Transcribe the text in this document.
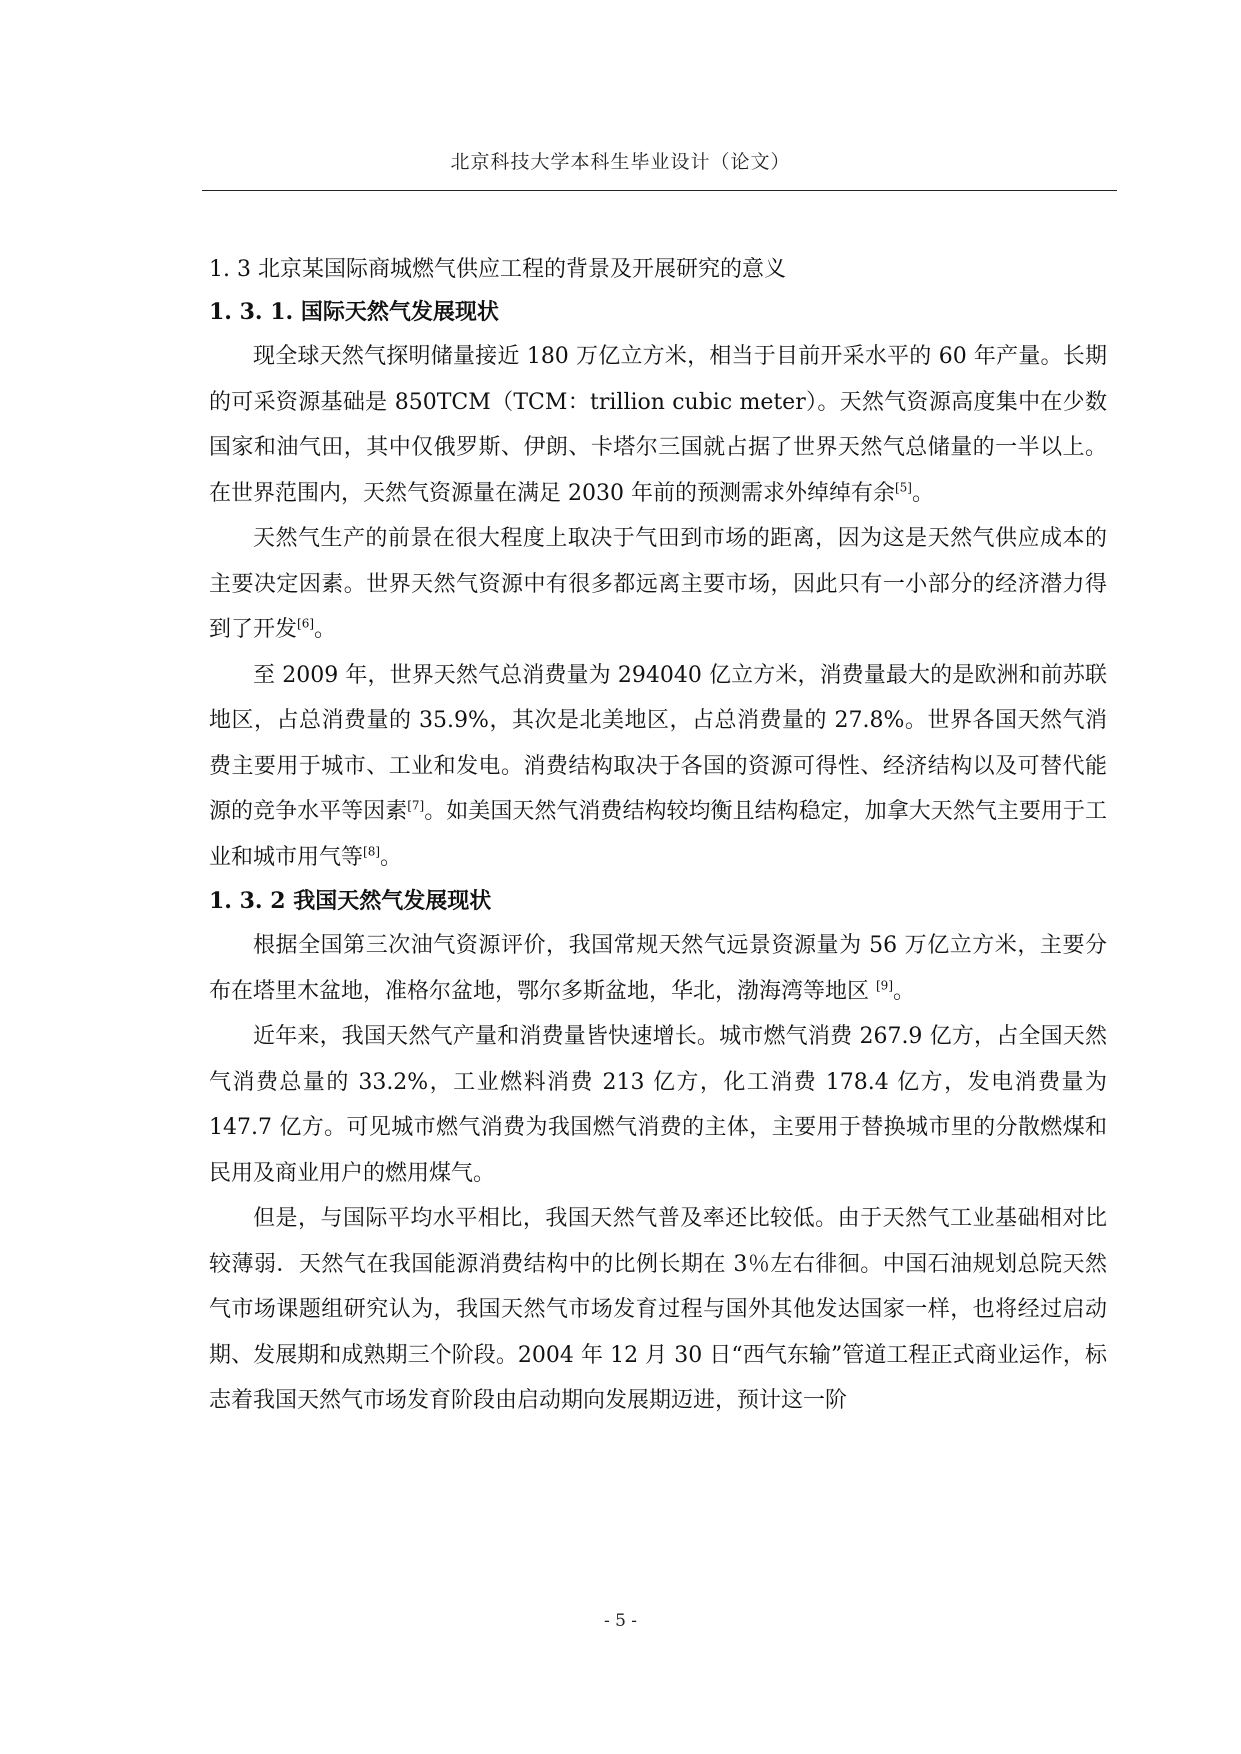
北京科技大学本科生毕业设计（论文）
1. 3 北京某国际商城燃气供应工程的背景及开展研究的意义
1. 3. 1. 国际天然气发展现状

现全球天然气探明储量接近 180 万亿立方米，相当于目前开采水平的 60 年产量。长期的可采资源基础是 850TCM（TCM：trillion cubic meter）。天然气资源高度集中在少数国家和油气田，其中仅俄罗斯、伊朗、卡塔尔三国就占据了世界天然气总储量的一半以上。在世界范围内，天然气资源量在满足 2030 年前的预测需求外绰绰有余[5]。

天然气生产的前景在很大程度上取决于气田到市场的距离，因为这是天然气供应成本的主要决定因素。世界天然气资源中有很多都远离主要市场，因此只有一小部分的经济潜力得到了开发[6]。

至 2009 年，世界天然气总消费量为 294040 亿立方米，消费量最大的是欧洲和前苏联地区，占总消费量的 35.9%，其次是北美地区，占总消费量的 27.8%。世界各国天然气消费主要用于城市、工业和发电。消费结构取决于各国的资源可得性、经济结构以及可替代能源的竞争水平等因素[7]。如美国天然气消费结构较均衡且结构稳定，加拿大天然气主要用于工业和城市用气等[8]。

1. 3. 2 我国天然气发展现状

根据全国第三次油气资源评价，我国常规天然气远景资源量为 56 万亿立方米，主要分布在塔里木盆地，准格尔盆地，鄂尔多斯盆地，华北，渤海湾等地区 [9]。

近年来，我国天然气产量和消费量皆快速增长。城市燃气消费 267.9 亿方，占全国天然气消费总量的 33.2%，工业燃料消费 213 亿方，化工消费 178.4 亿方，发电消费量为 147.7 亿方。可见城市燃气消费为我国燃气消费的主体，主要用于替换城市里的分散燃煤和民用及商业用户的燃用煤气。

但是，与国际平均水平相比，我国天然气普及率还比较低。由于天然气工业基础相对比较薄弱．天然气在我国能源消费结构中的比例长期在 3％左右徘徊。中国石油规划总院天然气市场课题组研究认为，我国天然气市场发育过程与国外其他发达国家一样，也将经过启动期、发展期和成熟期三个阶段。2004 年 12 月 30 日“西气东输”管道工程正式商业运作，标志着我国天然气市场发育阶段由启动期向发展期迈进，预计这一阶

- 5 -
